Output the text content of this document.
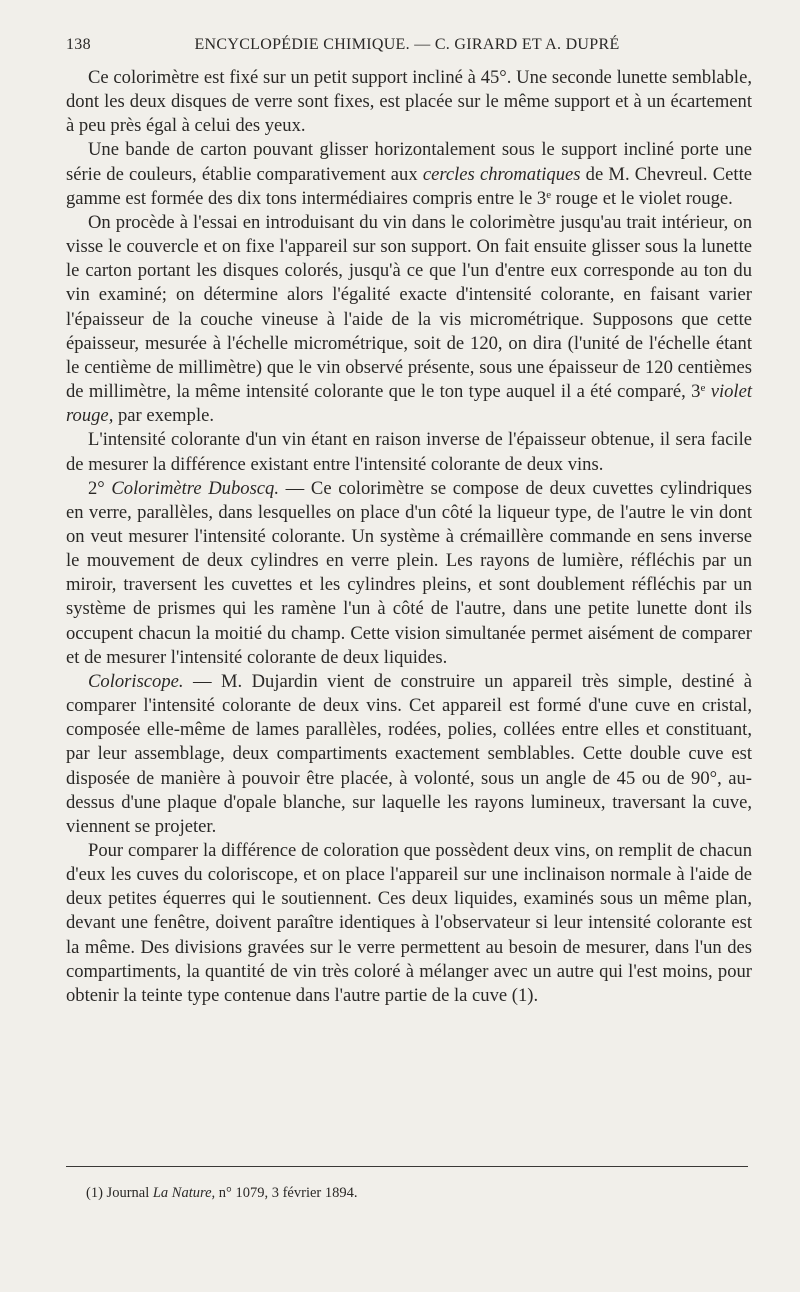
138	ENCYCLOPÉDIE CHIMIQUE. — C. GIRARD ET A. DUPRÉ

Ce colorimètre est fixé sur un petit support incliné à 45°. Une seconde lunette semblable, dont les deux disques de verre sont fixes, est placée sur le même support et à un écartement à peu près égal à celui des yeux.

Une bande de carton pouvant glisser horizontalement sous le support incliné porte une série de couleurs, établie comparativement aux cercles chromatiques de M. Chevreul. Cette gamme est formée des dix tons intermédiaires compris entre le 3e rouge et le violet rouge.

On procède à l'essai en introduisant du vin dans le colorimètre jusqu'au trait intérieur, on visse le couvercle et on fixe l'appareil sur son support. On fait ensuite glisser sous la lunette le carton portant les disques colorés, jusqu'à ce que l'un d'entre eux corresponde au ton du vin examiné; on détermine alors l'égalité exacte d'intensité colorante, en faisant varier l'épaisseur de la couche vineuse à l'aide de la vis micrométrique. Supposons que cette épaisseur, mesurée à l'échelle micrométrique, soit de 120, on dira (l'unité de l'échelle étant le centième de millimètre) que le vin observé présente, sous une épaisseur de 120 centièmes de millimètre, la même intensité colorante que le ton type auquel il a été comparé, 3e violet rouge, par exemple.

L'intensité colorante d'un vin étant en raison inverse de l'épaisseur obtenue, il sera facile de mesurer la différence existant entre l'intensité colorante de deux vins.

2° Colorimètre Duboscq. — Ce colorimètre se compose de deux cuvettes cylindriques en verre, parallèles, dans lesquelles on place d'un côté la liqueur type, de l'autre le vin dont on veut mesurer l'intensité colorante. Un système à crémaillère commande en sens inverse le mouvement de deux cylindres en verre plein. Les rayons de lumière, réfléchis par un miroir, traversent les cuvettes et les cylindres pleins, et sont doublement réfléchis par un système de prismes qui les ramène l'un à côté de l'autre, dans une petite lunette dont ils occupent chacun la moitié du champ. Cette vision simultanée permet aisément de comparer et de mesurer l'intensité colorante de deux liquides.

Coloriscope. — M. Dujardin vient de construire un appareil très simple, destiné à comparer l'intensité colorante de deux vins. Cet appareil est formé d'une cuve en cristal, composée elle-même de lames parallèles, rodées, polies, collées entre elles et constituant, par leur assemblage, deux compartiments exactement semblables. Cette double cuve est disposée de manière à pouvoir être placée, à volonté, sous un angle de 45 ou de 90°, au-dessus d'une plaque d'opale blanche, sur laquelle les rayons lumineux, traversant la cuve, viennent se projeter.

Pour comparer la différence de coloration que possèdent deux vins, on remplit de chacun d'eux les cuves du coloriscope, et on place l'appareil sur une inclinaison normale à l'aide de deux petites équerres qui le soutiennent. Ces deux liquides, examinés sous un même plan, devant une fenêtre, doivent paraître identiques à l'observateur si leur intensité colorante est la même. Des divisions gravées sur le verre permettent au besoin de mesurer, dans l'un des compartiments, la quantité de vin très coloré à mélanger avec un autre qui l'est moins, pour obtenir la teinte type contenue dans l'autre partie de la cuve (1).

(1) Journal La Nature, n° 1079, 3 février 1894.
